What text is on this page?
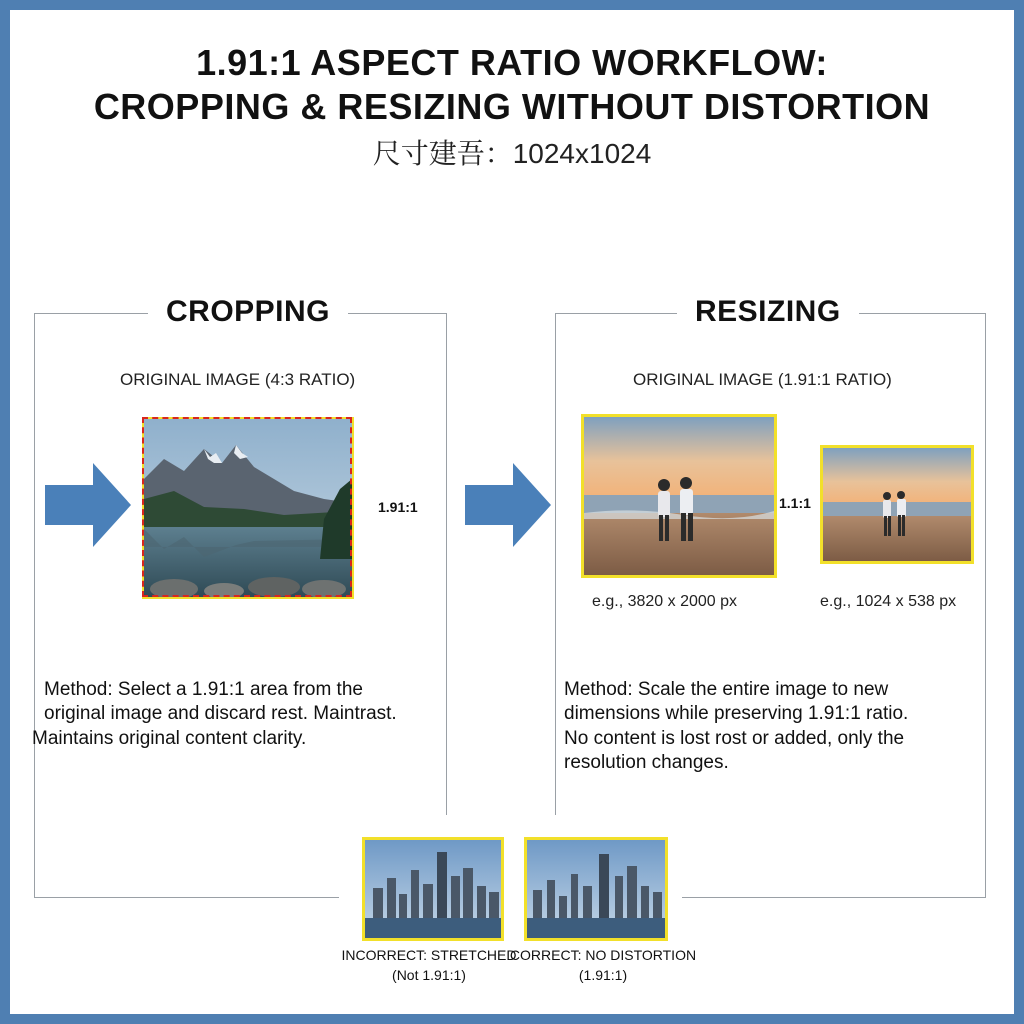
1.91:1 ASPECT RATIO WORKFLOW:
CROPPING & RESIZING WITHOUT DISTORTION
尺寸建吾：1024x1024
CROPPING	RESIZING
ORIGINAL IMAGE (4:3 RATIO)
1.91:1
Method: Select a 1.91:1 area from the
original image and discard rest. Maintrast.
Maintains original content clarity.
ORIGINAL IMAGE (1.91:1 RATIO)
1.1:1
e.g., 3820 x 2000 px	e.g., 1024 x 538 px
Method: Scale the entire image to new
dimensions while preserving 1.91:1 ratio.
No content is lost rost or added, only the
resolution changes.
INCORRECT: STRETCHED
(Not 1.91:1)
CORRECT: NO DISTORTION
(1.91:1)
